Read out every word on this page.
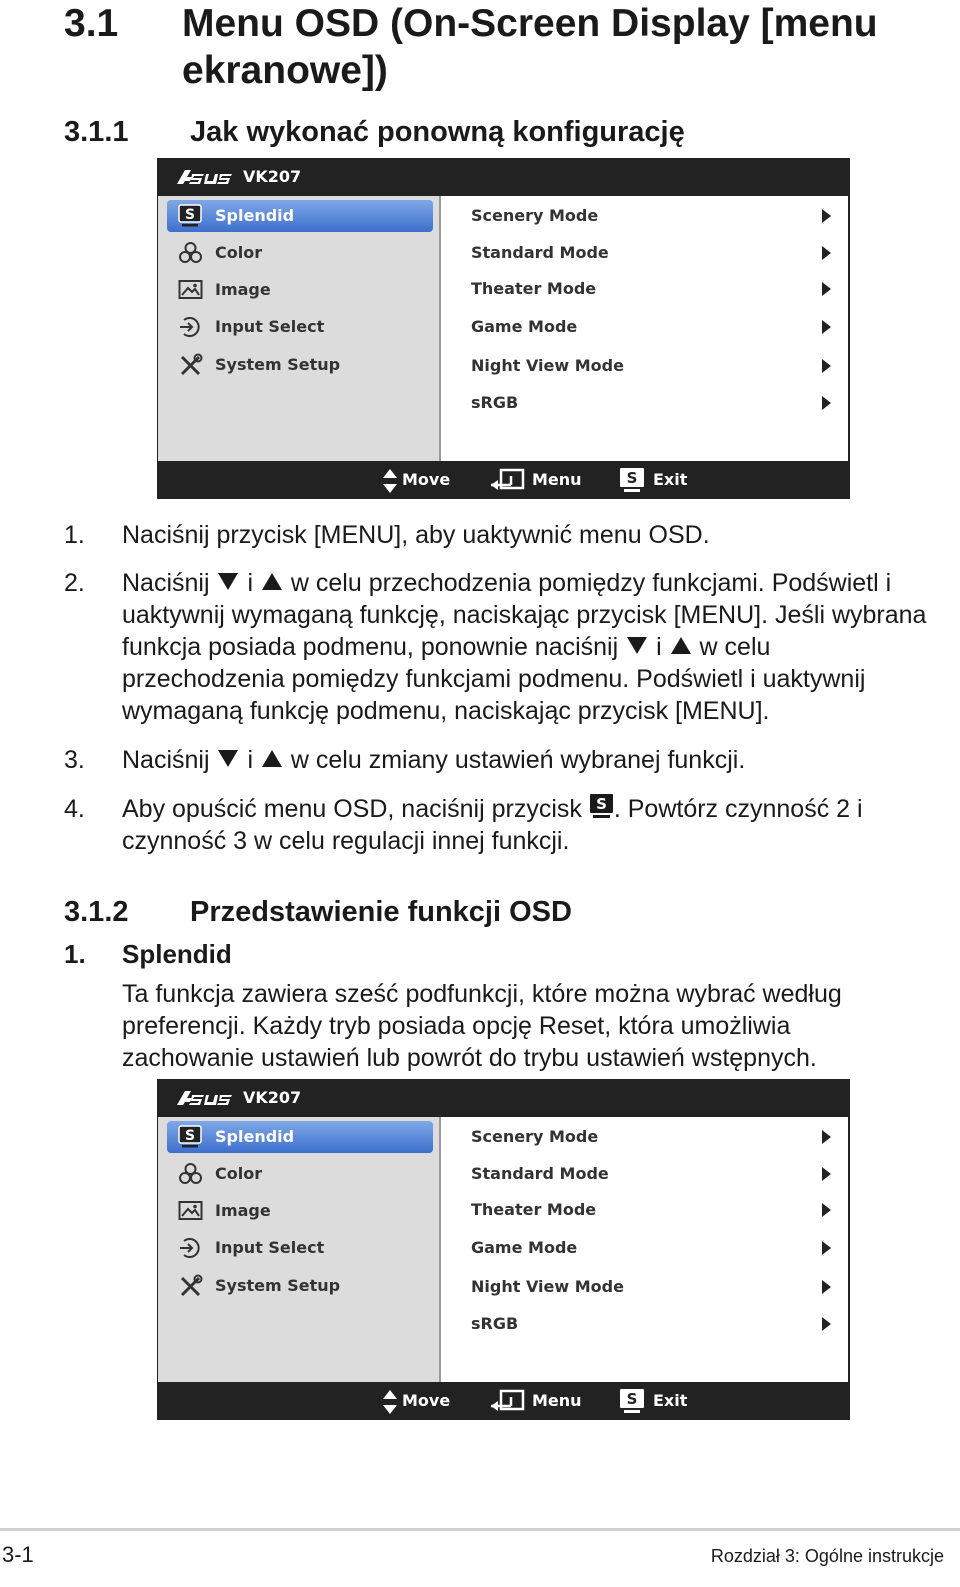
3.1 Menu OSD (On-Screen Display [menu ekranowe])
3.1.1 Jak wykonać ponowną konfigurację
VK207
S Splendid
Color
Image
Input Select
System Setup
Scenery Mode
Standard Mode
Theater Mode
Game Mode
Night View Mode
sRGB
Move	Menu	S Exit
1. Naciśnij przycisk [MENU], aby uaktywnić menu OSD.
2. Naciśnij i w celu przechodzenia pomiędzy funkcjami. Podświetl i uaktywnij wymaganą funkcję, naciskając przycisk [MENU]. Jeśli wybrana funkcja posiada podmenu, ponownie naciśnij i w celu przechodzenia pomiędzy funkcjami podmenu. Podświetl i uaktywnij wymaganą funkcję podmenu, naciskając przycisk [MENU].
3. Naciśnij i w celu zmiany ustawień wybranej funkcji.
4. Aby opuścić menu OSD, naciśnij przycisk S . Powtórz czynność 2 i czynność 3 w celu regulacji innej funkcji.
3.1.2 Przedstawienie funkcji OSD
1. Splendid
Ta funkcja zawiera sześć podfunkcji, które można wybrać według preferencji. Każdy tryb posiada opcję Reset, która umożliwia zachowanie ustawień lub powrót do trybu ustawień wstępnych.
VK207
S Splendid
Color
Image
Input Select
System Setup
Scenery Mode
Standard Mode
Theater Mode
Game Mode
Night View Mode
sRGB
Move	Menu	S Exit
3-1	Rozdział 3: Ogólne instrukcje
